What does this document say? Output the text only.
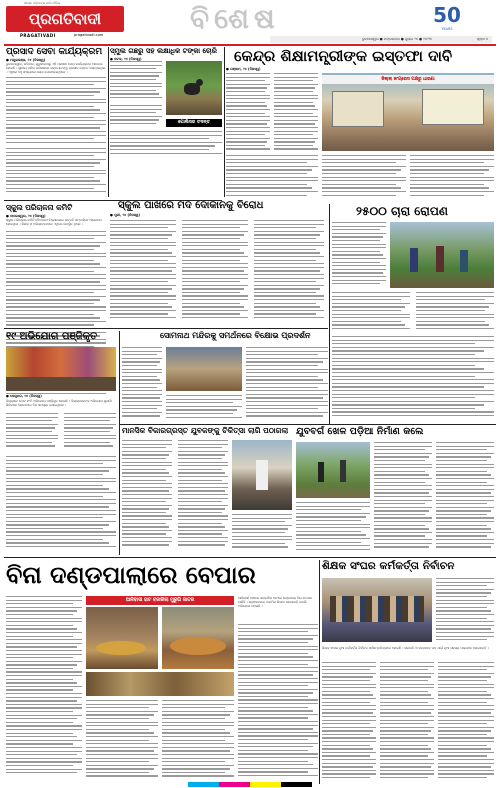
ସମସ୍ତ ଓଡ଼ିଆଙ୍କ ପାଇଁ ଦୈନିକ
ପ୍ରଗତିବାଦୀ
PRAGATIVADI	pragativadi.com	ବିଶେଷ	50
YEARS
ଭୁବନେଶ୍ୱର ● ମଙ୍ଗଳବାର ● ଜୁଲାଇ ୨୫ ● ୨୦୨୩	ପୃଷ୍ଠା ୫
ପ୍ରସାଦ ସେବା କାର୍ଯ୍ୟକ୍ରମ
● ମୟୂରଭଞ୍ଜ, ୨୪ (ନିଜସ୍ୱ)
ଭୁବନେଶ୍ୱର, ରବିବାର, ଗୁରୁବାରଠାରୁ ଏହି ପ୍ରସାଦ ସେବା କାର୍ଯ୍ୟକ୍ରମ ଆରମ୍ଭ ହୋଇଛି । ସ୍ଥାନୀୟ ମନ୍ଦିର ପରିସରରେ ଭକ୍ତମାନଙ୍କୁ ପ୍ରସାଦ ବଣ୍ଟନ କରାଯାଇଥିଲା । ଏଥିରେ ବହୁ ସଂଖ୍ୟାରେ ଲୋକ ଯୋଗଦେଇଥିଲେ ।
ସ୍ମୁଲ ଗଛରୁ ସହ ଲକ୍ଷାଧିକ ଟଙ୍କା ଚୋରି
● କଟକ, ୨୪ (ନିଜସ୍ୱ)
ପୋଲିସର ତଦନ୍ତ
କେନ୍ଦ୍ର ଶିକ୍ଷାମନ୍ତ୍ରୀଙ୍କ ଇସ୍ତଫା ଦାବି
● ଗଞ୍ଜାମ, ୨୪ (ନିଜସ୍ୱ)
ଜିଲ୍ଲା କଂଗ୍ରେସ ପକ୍ଷରୁ ଧାରଣା
ସ୍କୁଲ ପରିଚାଳନା କମିଟି
● ବାଲେଶ୍ୱର, ୨୪ (ନିଜସ୍ୱ)
ସ୍କୁଲ ପରିଚାଳନା କମିଟି ବୈଠକରେ ବିଦ୍ୟାଳୟର ଉନ୍ନତି ସମ୍ପର୍କରେ ଆଲୋଚନା ହୋଇଥିଲା । ଶିକ୍ଷକ ଓ ଅଭିଭାବକମାନେ ଏଥିରେ ଉପସ୍ଥିତ ଥିଲେ ।
ସ୍କୁଲ ପାଖରେ ମଦ ଦୋକାନକୁ ବିରୋଧ
● ପୁରୀ, ୨୪ (ନିଜସ୍ୱ)	୨୫୦୦ ଚାରା ରୋପଣ
୧୯ ଅଭିଯୋଗ ପଞ୍ଜିକୃତ
● କେନ୍ଦୁଝର, ୨୪ (ନିଜସ୍ୱ)
ଜିଲ୍ଲାରେ ମୋଟ ୧୯ଟି ଅଭିଯୋଗ ପଞ୍ଜିକୃତ ହୋଇଛି । ଜିଲ୍ଲାପାଳଙ୍କ ଅଭିଯୋଗ ଶୁଣାଣି ଶିବିରରେ ଲୋକମାନେ ନିଜ ସମସ୍ୟା ଜଣାଇଥିଲେ ।
ସୋମନାଥ ମନ୍ଦିରକୁ ସମର୍ଥନରେ ବିକ୍ଷୋଭ ପ୍ରଦର୍ଶନ
ମାନସିକ ବିକାରଗ୍ରସ୍ତ ଯୁବକଙ୍କୁ ଚିକିତ୍ସା ଲାଗି ପଠାଗଲା ଯୁବବର୍ଗ ଖେଳ ପଡ଼ିଆ ନିର୍ମାଣ କଲେ
ବିନା ଦଣ୍ଡପାଲାରେ ବେପାର
ଆଦିବାସୀ ହାଟ ବଜାରିଲା ମୁରୁଗି ଜାତର	ଆଦିବାସୀ ଅଞ୍ଚଳର ସାପ୍ତାହିକ ହାଟରେ ଦଣ୍ଡପାଲା ବିନା ବେପାର ଚାଲିଛି । ଗ୍ରାହକମାନେ ଠକାମିର ଶିକାର ହେଉଛନ୍ତି ବୋଲି ଅଭିଯୋଗ ହୋଇଛି ।
ଶିକ୍ଷକ ସଂଘର କର୍ମକର୍ତ୍ତା ନିର୍ବାଚନ
ଶିକ୍ଷକ ସଂଘର ନୂଆ କର୍ମକର୍ତ୍ତା ନିର୍ବାଚନ ସର୍ବସମ୍ମତିକ୍ରମେ ହୋଇଛି । ସଭାପତି ଓ ସମ୍ପାଦକ ପଦ ପାଇଁ ନୂଆ ସଦସ୍ୟ ମନୋନୀତ ହୋଇଛନ୍ତି ।
